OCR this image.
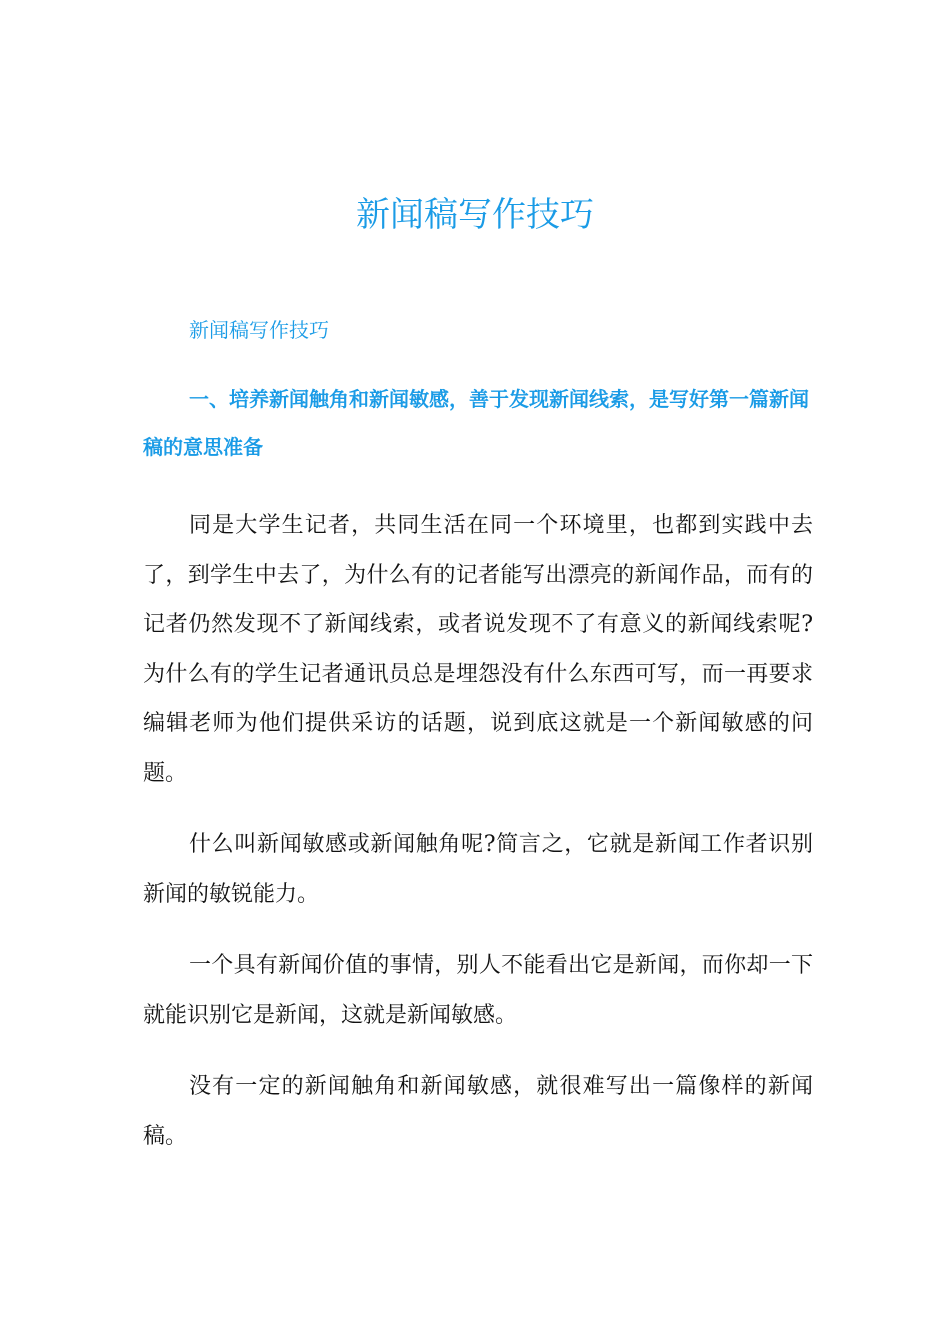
新闻稿写作技巧

新闻稿写作技巧

一、培养新闻触角和新闻敏感，善于发现新闻线索，是写好第一篇新闻稿的意思准备

同是大学生记者，共同生活在同一个环境里，也都到实践中去了，到学生中去了，为什么有的记者能写出漂亮的新闻作品，而有的记者仍然发现不了新闻线索，或者说发现不了有意义的新闻线索呢?为什么有的学生记者通讯员总是埋怨没有什么东西可写，而一再要求编辑老师为他们提供采访的话题，说到底这就是一个新闻敏感的问题。

什么叫新闻敏感或新闻触角呢?简言之，它就是新闻工作者识别新闻的敏锐能力。

一个具有新闻价值的事情，别人不能看出它是新闻，而你却一下就能识别它是新闻，这就是新闻敏感。

没有一定的新闻触角和新闻敏感，就很难写出一篇像样的新闻稿。
